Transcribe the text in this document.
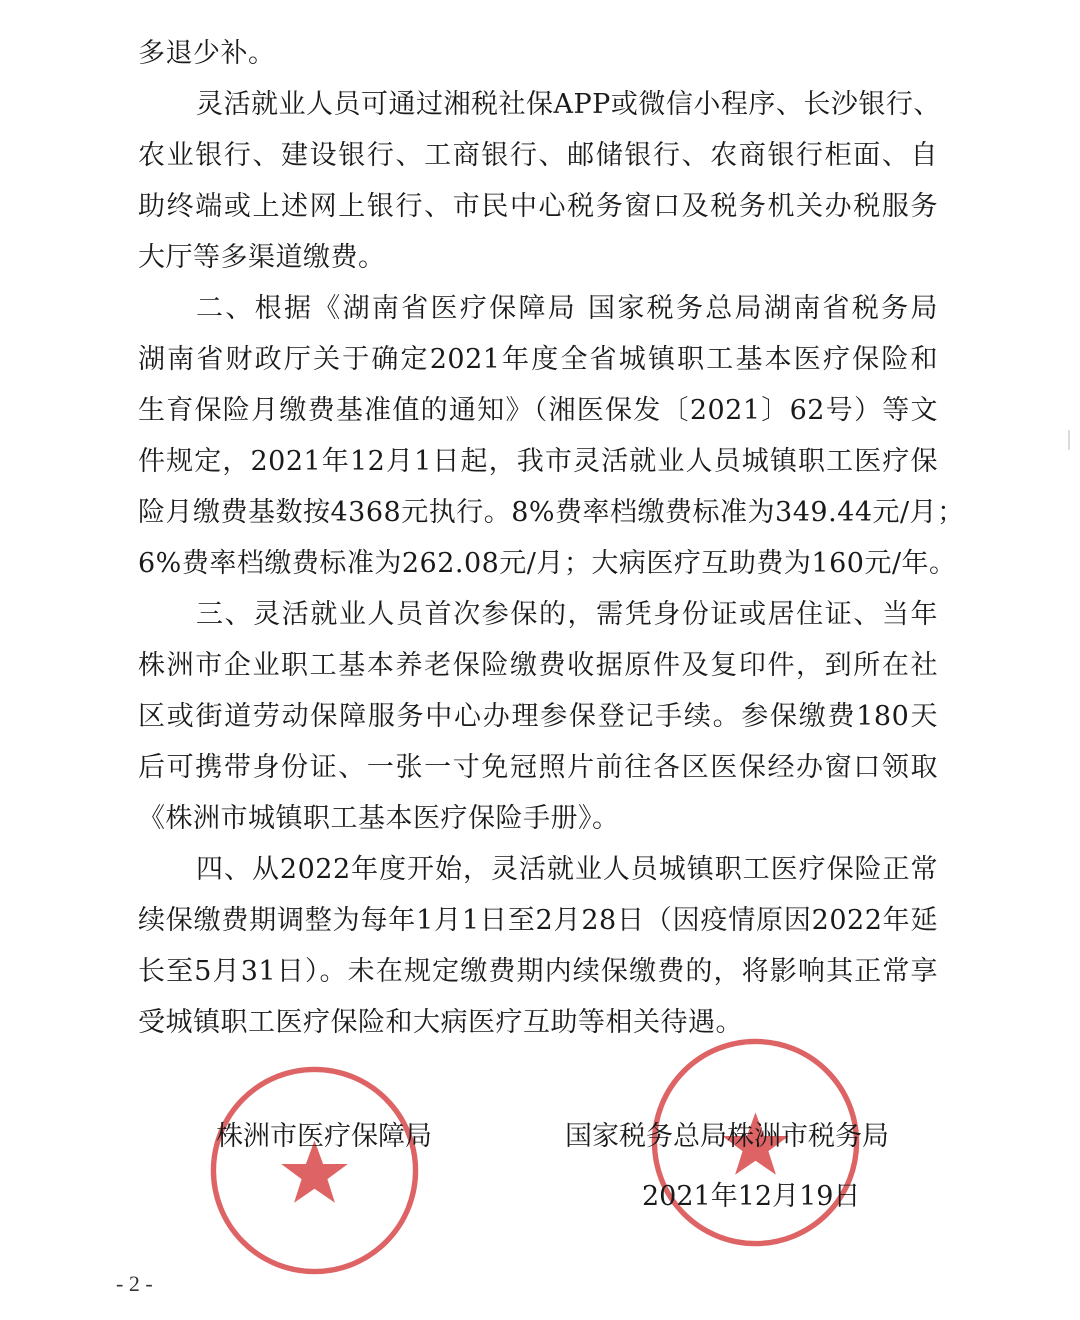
多退少补。
灵活就业人员可通过湘税社保APP或微信小程序、长沙银行、
农业银行、建设银行、工商银行、邮储银行、农商银行柜面、自
助终端或上述网上银行、市民中心税务窗口及税务机关办税服务
大厅等多渠道缴费。
二、根据《湖南省医疗保障局 国家税务总局湖南省税务局
湖南省财政厅关于确定2021年度全省城镇职工基本医疗保险和
生育保险月缴费基准值的通知》（湘医保发〔2021〕62号）等文
件规定，2021年12月1日起，我市灵活就业人员城镇职工医疗保
险月缴费基数按4368元执行。8%费率档缴费标准为349.44元/月；
6%费率档缴费标准为262.08元/月；大病医疗互助费为160元/年。
三、灵活就业人员首次参保的，需凭身份证或居住证、当年
株洲市企业职工基本养老保险缴费收据原件及复印件，到所在社
区或街道劳动保障服务中心办理参保登记手续。参保缴费180天
后可携带身份证、一张一寸免冠照片前往各区医保经办窗口领取
《株洲市城镇职工基本医疗保险手册》。
四、从2022年度开始，灵活就业人员城镇职工医疗保险正常
续保缴费期调整为每年1月1日至2月28日（因疫情原因2022年延
长至5月31日）。未在规定缴费期内续保缴费的，将影响其正常享
受城镇职工医疗保险和大病医疗互助等相关待遇。
株洲市医疗保障局	国家税务总局株洲市税务局
2021年12月19日
- 2 -
